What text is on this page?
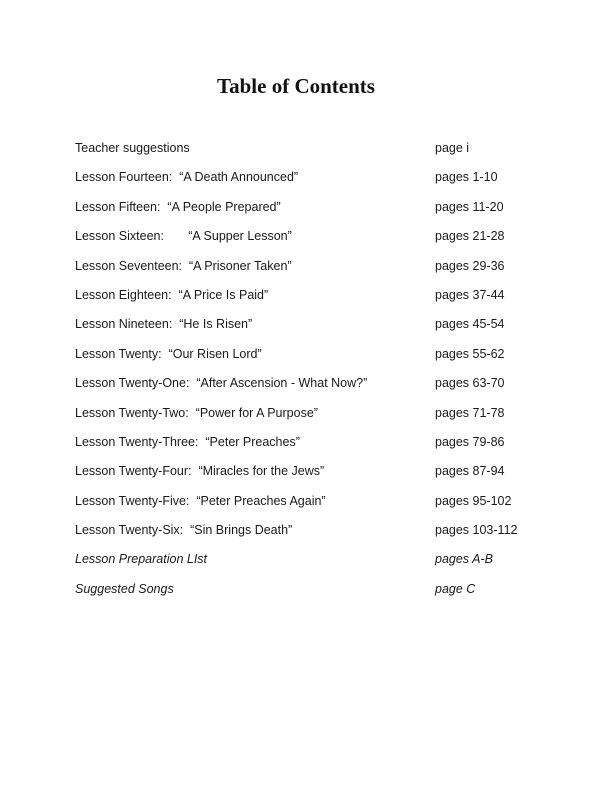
Table of Contents
Teacher suggestions	page i
Lesson Fourteen:  “A Death Announced”	pages 1-10
Lesson Fifteen:  “A People Prepared”	pages 11-20
Lesson Sixteen:       “A Supper Lesson”	pages 21-28
Lesson Seventeen:  “A Prisoner Taken”	pages 29-36
Lesson Eighteen:  “A Price Is Paid”	pages 37-44
Lesson Nineteen:  “He Is Risen”	pages 45-54
Lesson Twenty:  “Our Risen Lord”	pages 55-62
Lesson Twenty-One:  “After Ascension - What Now?”	pages 63-70
Lesson Twenty-Two:  “Power for A Purpose”	pages 71-78
Lesson Twenty-Three:  “Peter Preaches”	pages 79-86
Lesson Twenty-Four:  “Miracles for the Jews”	pages 87-94
Lesson Twenty-Five:  “Peter Preaches Again”	pages 95-102
Lesson Twenty-Six:  “Sin Brings Death”	pages 103-112
Lesson Preparation LIst	pages A-B
Suggested Songs	page C
